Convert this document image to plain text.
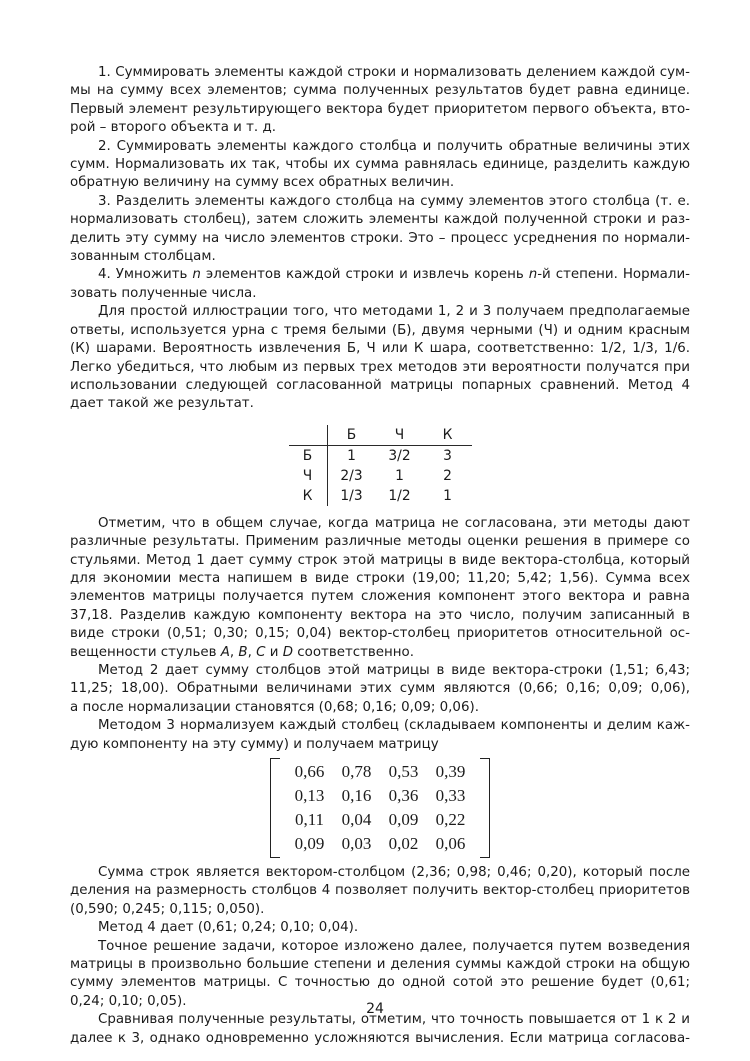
1. Суммировать элементы каждой строки и нормализовать делением каждой сум-
мы на сумму всех элементов; сумма полученных результатов будет равна единице.
Первый элемент результирующего вектора будет приоритетом первого объекта, вто-
рой – второго объекта и т. д.
2. Суммировать элементы каждого столбца и получить обратные величины этих
сумм. Нормализовать их так, чтобы их сумма равнялась единице, разделить каждую
обратную величину на сумму всех обратных величин.
3. Разделить элементы каждого столбца на сумму элементов этого столбца (т. е.
нормализовать столбец), затем сложить элементы каждой полученной строки и раз-
делить эту сумму на число элементов строки. Это – процесс усреднения по нормали-
зованным столбцам.
4. Умножить n элементов каждой строки и извлечь корень n-й степени. Нормали-
зовать полученные числа.
Для простой иллюстрации того, что методами 1, 2 и 3 получаем предполагаемые
ответы, используется урна с тремя белыми (Б), двумя черными (Ч) и одним красным
(К) шарами. Вероятность извлечения Б, Ч или К шара, соответственно: 1/2, 1/3, 1/6.
Легко убедиться, что любым из первых трех методов эти вероятности получатся при
использовании следующей согласованной матрицы попарных сравнений. Метод 4
дает такой же результат.
	Б	Ч	К
Б	1	3/2	3
Ч	2/3	1	2
К	1/3	1/2	1
Отметим, что в общем случае, когда матрица не согласована, эти методы дают
различные результаты. Применим различные методы оценки решения в примере со
стульями. Метод 1 дает сумму строк этой матрицы в виде вектора-столбца, который
для экономии места напишем в виде строки (19,00; 11,20; 5,42; 1,56). Сумма всех
элементов матрицы получается путем сложения компонент этого вектора и равна
37,18. Разделив каждую компоненту вектора на это число, получим записанный в
виде строки (0,51; 0,30; 0,15; 0,04) вектор-столбец приоритетов относительной ос-
вещенности стульев A, B, C и D соответственно.
Метод 2 дает сумму столбцов этой матрицы в виде вектора-строки (1,51; 6,43;
11,25; 18,00). Обратными величинами этих сумм являются (0,66; 0,16; 0,09; 0,06),
а после нормализации становятся (0,68; 0,16; 0,09; 0,06).
Методом 3 нормализуем каждый столбец (складываем компоненты и делим каж-
дую компоненту на эту сумму) и получаем матрицу
0,66	0,78	0,53	0,39
0,13	0,16	0,36	0,33
0,11	0,04	0,09	0,22
0,09	0,03	0,02	0,06
Сумма строк является вектором-столбцом (2,36; 0,98; 0,46; 0,20), который после
деления на размерность столбцов 4 позволяет получить вектор-столбец приоритетов
(0,590; 0,245; 0,115; 0,050).
Метод 4 дает (0,61; 0,24; 0,10; 0,04).
Точное решение задачи, которое изложено далее, получается путем возведения
матрицы в произвольно большие степени и деления суммы каждой строки на общую
сумму элементов матрицы. С точностью до одной сотой это решение будет (0,61;
0,24; 0,10; 0,05).
Сравнивая полученные результаты, отметим, что точность повышается от 1 к 2 и
далее к 3, однако одновременно усложняются вычисления. Если матрица согласова-
24
